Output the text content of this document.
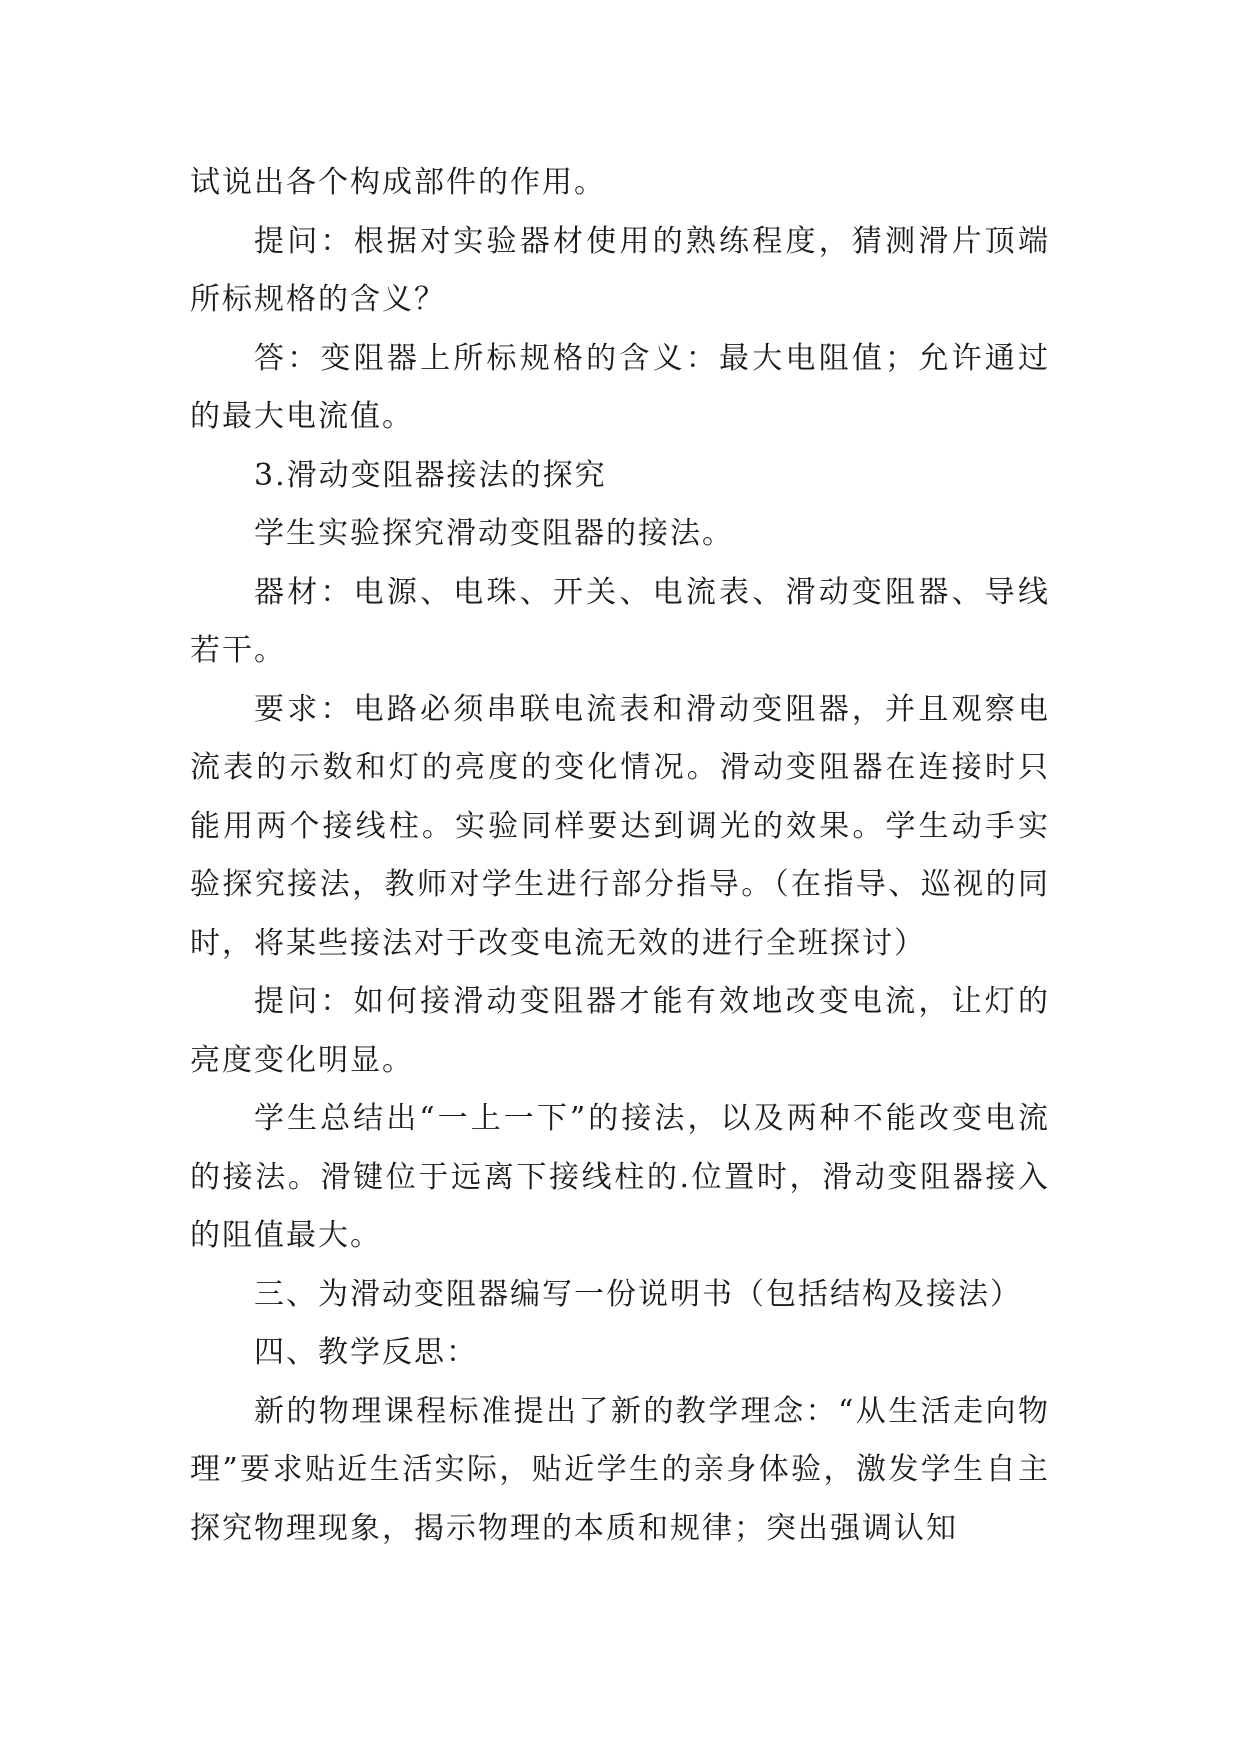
试说出各个构成部件的作用。

提问：根据对实验器材使用的熟练程度，猜测滑片顶端所标规格的含义？

答：变阻器上所标规格的含义：最大电阻值；允许通过的最大电流值。

3.滑动变阻器接法的探究

学生实验探究滑动变阻器的接法。

器材：电源、电珠、开关、电流表、滑动变阻器、导线若干。

要求：电路必须串联电流表和滑动变阻器，并且观察电流表的示数和灯的亮度的变化情况。滑动变阻器在连接时只能用两个接线柱。实验同样要达到调光的效果。学生动手实验探究接法，教师对学生进行部分指导。（在指导、巡视的同时，将某些接法对于改变电流无效的进行全班探讨）

提问：如何接滑动变阻器才能有效地改变电流，让灯的亮度变化明显。

学生总结出“一上一下”的接法，以及两种不能改变电流的接法。滑键位于远离下接线柱的.位置时，滑动变阻器接入的阻值最大。

三、为滑动变阻器编写一份说明书（包括结构及接法）

四、教学反思：

新的物理课程标准提出了新的教学理念：“从生活走向物理”要求贴近生活实际，贴近学生的亲身体验，激发学生自主探究物理现象，揭示物理的本质和规律；突出强调认知
